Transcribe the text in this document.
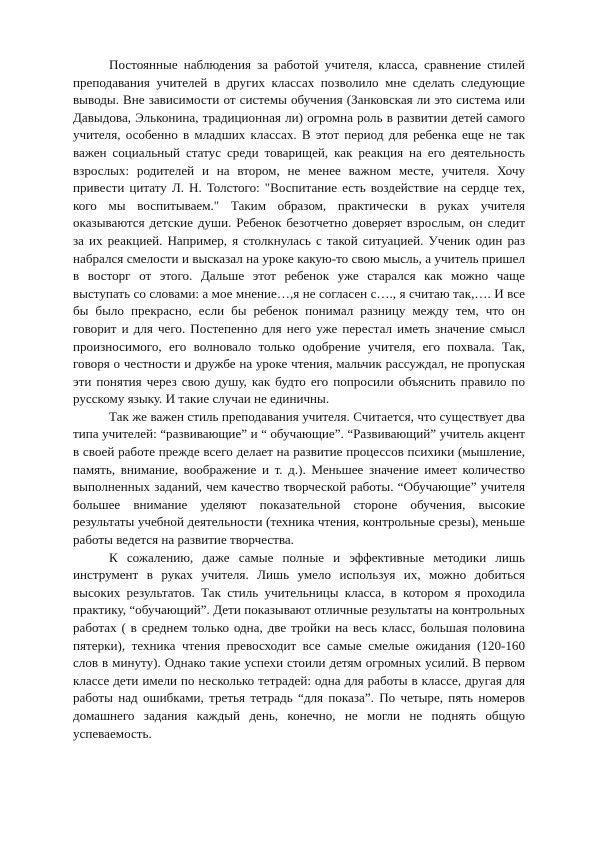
Постоянные наблюдения за работой учителя, класса, сравнение стилей преподавания учителей в других классах позволило мне сделать следующие выводы. Вне зависимости от системы обучения (Занковская ли это система или Давыдова, Эльконина, традиционная ли) огромна роль в развитии детей самого учителя, особенно в младших классах. В этот период для ребенка еще не так важен социальный статус среди товарищей, как реакция на его деятельность взрослых: родителей и на втором, не менее важном месте, учителя. Хочу привести цитату Л. Н. Толстого: "Воспитание есть воздействие на сердце тех, кого мы воспитываем." Таким образом, практически в руках учителя оказываются детские души. Ребенок безотчетно доверяет взрослым, он следит за их реакцией. Например, я столкнулась с такой ситуацией. Ученик один раз набрался смелости и высказал на уроке какую-то свою мысль, а учитель пришел в восторг от этого. Дальше этот ребенок уже старался как можно чаще выступать со словами: а мое мнение…,я не согласен с…., я считаю так,…. И все бы было прекрасно, если бы ребенок понимал разницу между тем, что он говорит и для чего. Постепенно для него уже перестал иметь значение смысл произносимого, его волновало только одобрение учителя, его похвала. Так, говоря о честности и дружбе на уроке чтения, мальчик рассуждал, не пропуская эти понятия через свою душу, как будто его попросили объяснить правило по русскому языку. И такие случаи не единичны.

Так же важен стиль преподавания учителя. Считается, что существует два типа учителей: “развивающие” и “ обучающие”. “Развивающий” учитель акцент в своей работе прежде всего делает на развитие процессов психики (мышление, память, внимание, воображение и т. д.). Меньшее значение имеет количество выполненных заданий, чем качество творческой работы. “Обучающие” учителя большее внимание уделяют показательной стороне обучения, высокие результаты учебной деятельности (техника чтения, контрольные срезы), меньше работы ведется на развитие творчества.

К сожалению, даже самые полные и эффективные методики лишь инструмент в руках учителя. Лишь умело используя их, можно добиться высоких результатов. Так стиль учительницы класса, в котором я проходила практику, “обучающий”. Дети показывают отличные результаты на контрольных работах ( в среднем только одна, две тройки на весь класс, большая половина пятерки), техника чтения превосходит все самые смелые ожидания (120-160 слов в минуту). Однако такие успехи стоили детям огромных усилий. В первом классе дети имели по несколько тетрадей: одна для работы в классе, другая для работы над ошибками, третья тетрадь “для показа”. По четыре, пять номеров домашнего задания каждый день, конечно, не могли не поднять общую успеваемость.
